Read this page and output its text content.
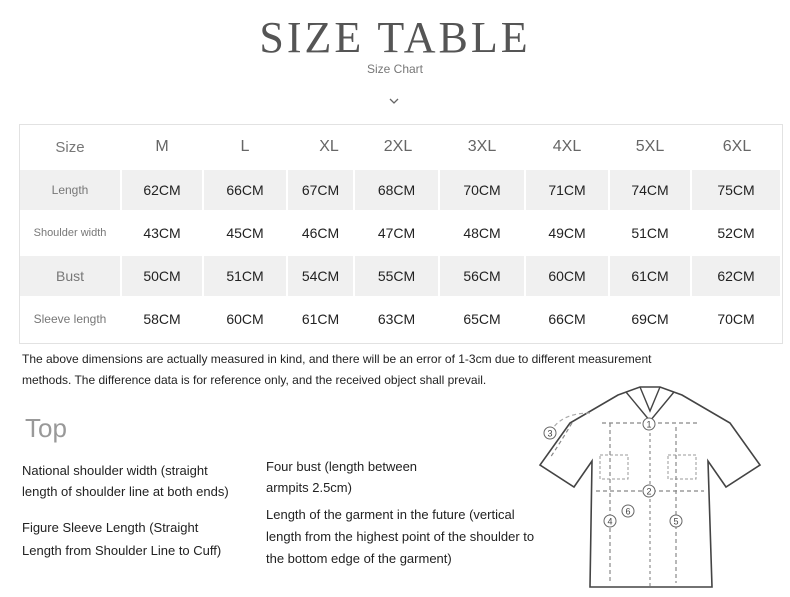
SIZE TABLE
Size Chart
Size	M	L	XL	2XL	3XL	4XL	5XL	6XL
Length	62CM	66CM	67CM	68CM	70CM	71CM	74CM	75CM
Shoulder width	43CM	45CM	46CM	47CM	48CM	49CM	51CM	52CM
Bust	50CM	51CM	54CM	55CM	56CM	60CM	61CM	62CM
Sleeve length	58CM	60CM	61CM	63CM	65CM	66CM	69CM	70CM
The above dimensions are actually measured in kind, and there will be an error of 1-3cm due to different measurement
methods. The difference data is for reference only, and the received object shall prevail.
Top
National shoulder width (straight
length of shoulder line at both ends)
Four bust (length between
armpits 2.5cm)
Figure Sleeve Length (Straight
Length from Shoulder Line to Cuff)
Length of the garment in the future (vertical
length from the highest point of the shoulder to
the bottom edge of the garment)
1
2
3
4	5
6
